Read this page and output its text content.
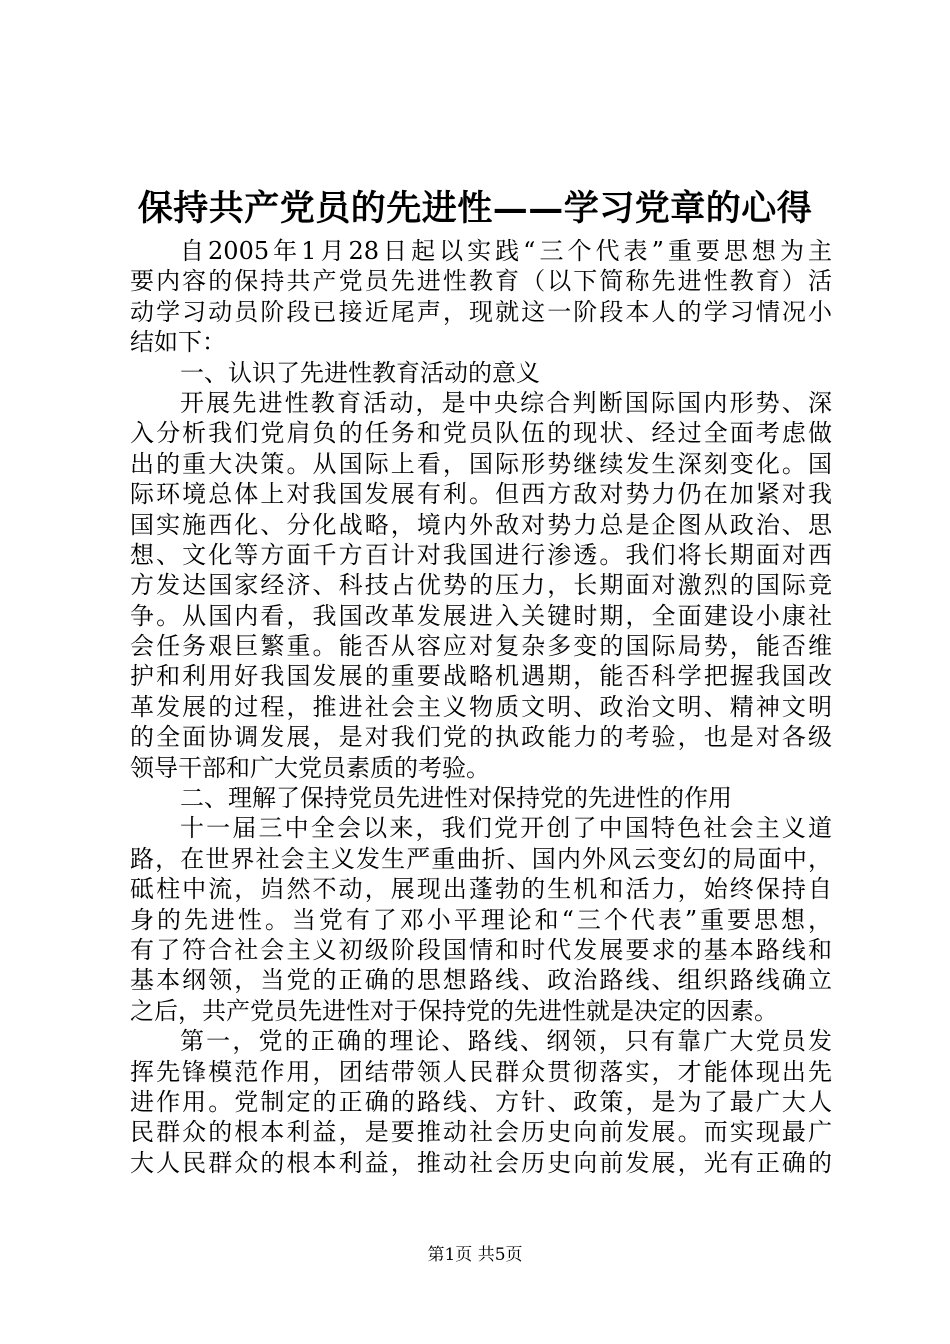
保持共产党员的先进性——学习党章的心得
自2005年1月28日起以实践“三个代表”重要思想为主
要内容的保持共产党员先进性教育（以下简称先进性教育）活
动学习动员阶段已接近尾声，现就这一阶段本人的学习情况小
结如下：
一、认识了先进性教育活动的意义
开展先进性教育活动，是中央综合判断国际国内形势、深
入分析我们党肩负的任务和党员队伍的现状、经过全面考虑做
出的重大决策。从国际上看，国际形势继续发生深刻变化。国
际环境总体上对我国发展有利。但西方敌对势力仍在加紧对我
国实施西化、分化战略，境内外敌对势力总是企图从政治、思
想、文化等方面千方百计对我国进行渗透。我们将长期面对西
方发达国家经济、科技占优势的压力，长期面对激烈的国际竞
争。从国内看，我国改革发展进入关键时期，全面建设小康社
会任务艰巨繁重。能否从容应对复杂多变的国际局势，能否维
护和利用好我国发展的重要战略机遇期，能否科学把握我国改
革发展的过程，推进社会主义物质文明、政治文明、精神文明
的全面协调发展，是对我们党的执政能力的考验，也是对各级
领导干部和广大党员素质的考验。
二、理解了保持党员先进性对保持党的先进性的作用
十一届三中全会以来，我们党开创了中国特色社会主义道
路，在世界社会主义发生严重曲折、国内外风云变幻的局面中，
砥柱中流，岿然不动，展现出蓬勃的生机和活力，始终保持自
身的先进性。当党有了邓小平理论和“三个代表”重要思想，
有了符合社会主义初级阶段国情和时代发展要求的基本路线和
基本纲领，当党的正确的思想路线、政治路线、组织路线确立
之后，共产党员先进性对于保持党的先进性就是决定的因素。
第一，党的正确的理论、路线、纲领，只有靠广大党员发
挥先锋模范作用，团结带领人民群众贯彻落实，才能体现出先
进作用。党制定的正确的路线、方针、政策，是为了最广大人
民群众的根本利益，是要推动社会历史向前发展。而实现最广
大人民群众的根本利益，推动社会历史向前发展，光有正确的
第1页 共5页
